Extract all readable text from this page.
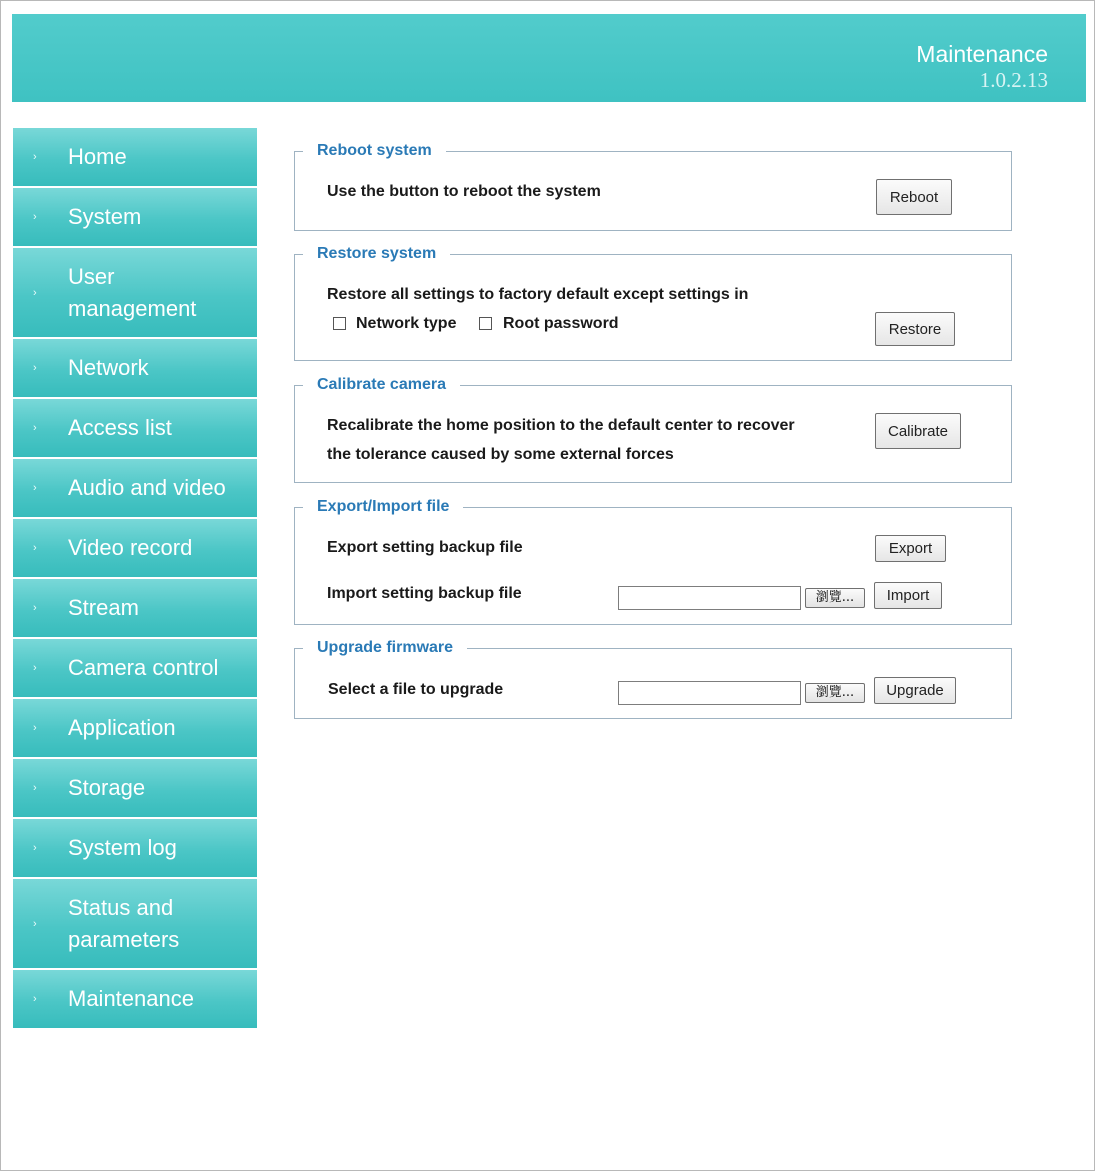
Maintenance
1.0.2.13
› Home
› System
›
User
management
› Network
› Access list
› Audio and video
› Video record
› Stream
› Camera control
› Application
› Storage
› System log
›
Status and
parameters
› Maintenance
Reboot system
Use the button to reboot the system	Reboot
Restore system
Restore all settings to factory default except settings in
Network type	Root password	Restore
Calibrate camera
Recalibrate the home position to the default center to recover
the tolerance caused by some external forces
Calibrate
Export/Import file
Export setting backup file	Export
Import setting backup file	瀏覽...	Import
Upgrade firmware
Select a file to upgrade	瀏覽...	Upgrade
